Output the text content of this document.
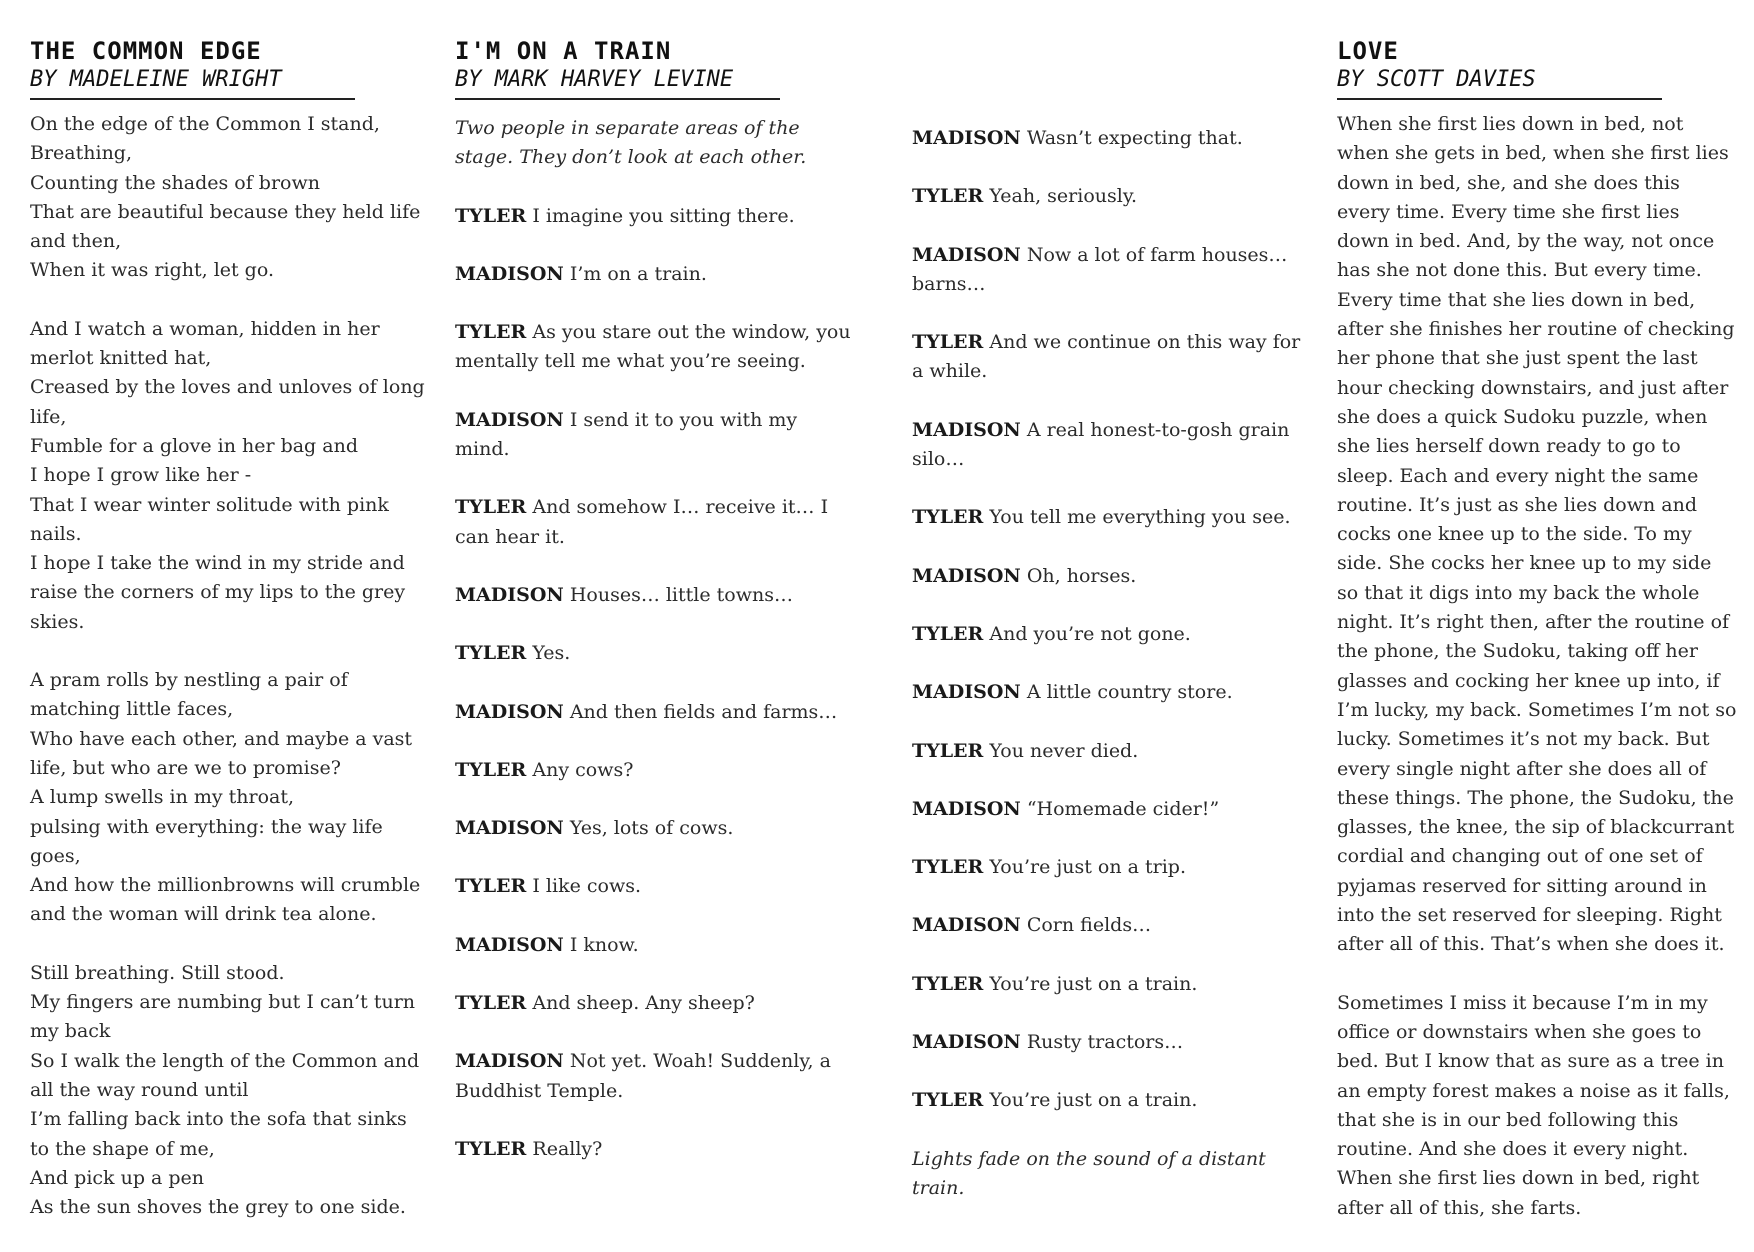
THE COMMON EDGE
BY MADELEINE WRIGHT
On the edge of the Common I stand,
Breathing,
Counting the shades of brown
That are beautiful because they held life and then,
When it was right, let go.
And I watch a woman, hidden in her merlot knitted hat,
Creased by the loves and unloves of long life,
Fumble for a glove in her bag and
I hope I grow like her -
That I wear winter solitude with pink nails.
I hope I take the wind in my stride and raise the corners of my lips to the grey skies.
A pram rolls by nestling a pair of matching little faces,
Who have each other, and maybe a vast life, but who are we to promise?
A lump swells in my throat,
pulsing with everything: the way life goes,
And how the millionbrowns will crumble and the woman will drink tea alone.
Still breathing. Still stood.
My fingers are numbing but I can’t turn my back
So I walk the length of the Common and all the way round until
I’m falling back into the sofa that sinks to the shape of me,
And pick up a pen
As the sun shoves the grey to one side.
I'M ON A TRAIN
BY MARK HARVEY LEVINE
Two people in separate areas of the stage. They don’t look at each other.
TYLER I imagine you sitting there.
MADISON I’m on a train.
TYLER As you stare out the window, you mentally tell me what you’re seeing.
MADISON I send it to you with my mind.
TYLER And somehow I… receive it… I can hear it.
MADISON Houses… little towns…
TYLER Yes.
MADISON And then fields and farms…
TYLER Any cows?
MADISON Yes, lots of cows.
TYLER I like cows.
MADISON I know.
TYLER And sheep. Any sheep?
MADISON Not yet. Woah! Suddenly, a Buddhist Temple.
TYLER Really?
MADISON Wasn’t expecting that.
TYLER Yeah, seriously.
MADISON Now a lot of farm houses… barns…
TYLER And we continue on this way for a while.
MADISON A real honest-to-gosh grain silo…
TYLER You tell me everything you see.
MADISON Oh, horses.
TYLER And you’re not gone.
MADISON A little country store.
TYLER You never died.
MADISON “Homemade cider!”
TYLER You’re just on a trip.
MADISON Corn fields…
TYLER You’re just on a train.
MADISON Rusty tractors…
TYLER You’re just on a train.
Lights fade on the sound of a distant train.
LOVE
BY SCOTT DAVIES
When she first lies down in bed, not when she gets in bed, when she first lies down in bed, she, and she does this every time. Every time she first lies down in bed. And, by the way, not once has she not done this. But every time. Every time that she lies down in bed, after she finishes her routine of checking her phone that she just spent the last hour checking downstairs, and just after she does a quick Sudoku puzzle, when she lies herself down ready to go to sleep. Each and every night the same routine. It’s just as she lies down and cocks one knee up to the side. To my side. She cocks her knee up to my side so that it digs into my back the whole night. It’s right then, after the routine of the phone, the Sudoku, taking off her glasses and cocking her knee up into, if I’m lucky, my back. Sometimes I’m not so lucky. Sometimes it’s not my back. But every single night after she does all of these things. The phone, the Sudoku, the glasses, the knee, the sip of blackcurrant cordial and changing out of one set of pyjamas reserved for sitting around in into the set reserved for sleeping. Right after all of this. That’s when she does it.
Sometimes I miss it because I’m in my office or downstairs when she goes to bed. But I know that as sure as a tree in an empty forest makes a noise as it falls, that she is in our bed following this routine. And she does it every night. When she first lies down in bed, right after all of this, she farts.
